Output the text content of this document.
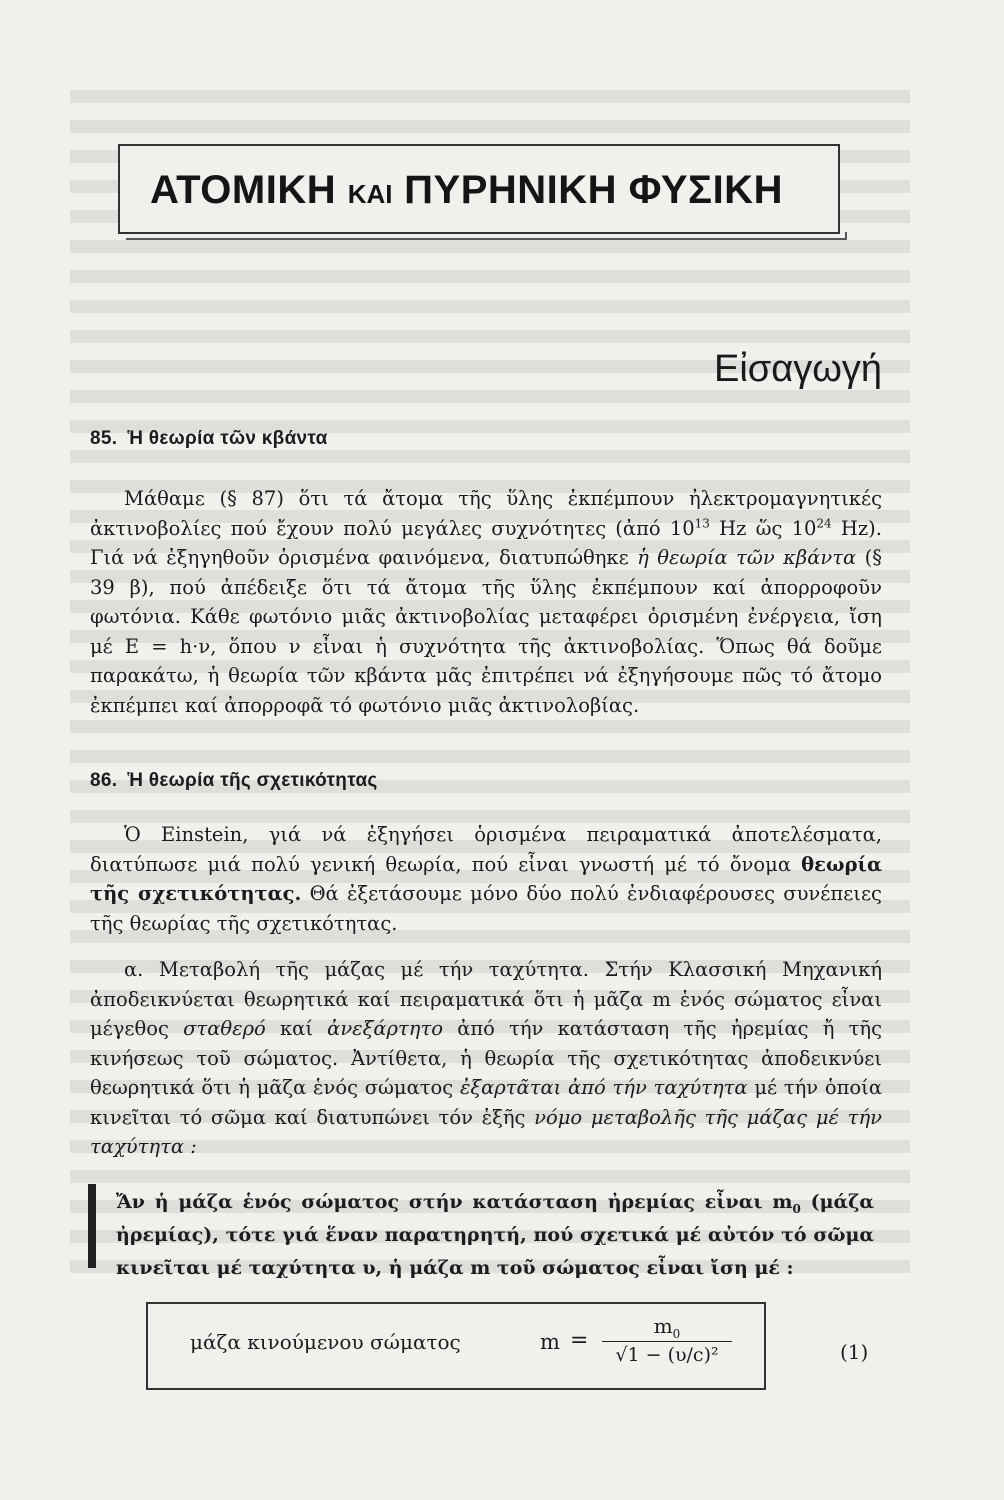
ΑΤΟΜΙΚΗ ΚΑΙ ΠΥΡΗΝΙΚΗ ΦΥΣΙΚΗ
Εἰσαγωγή
85. Ἡ θεωρία τῶν κβάντα
Μάθαμε (§ 87) ὅτι τά ἄτομα τῆς ὕλης ἐκπέμπουν ἠλεκτρομαγνητικές ἀκτινοβολίες πού ἔχουν πολύ μεγάλες συχνότητες (ἀπό $10^{13}$ Hz ὥς $10^{24}$ Hz). Γιά νά ἐξηγηθοῦν ὁρισμένα φαινόμενα, διατυπώθηκε ἡ θεωρία τῶν κβάντα (§ 39 β), πού ἀπέδειξε ὅτι τά ἄτομα τῆς ὕλης ἐκπέμπουν καί ἀπορροφοῦν φωτόνια. Κάθε φωτόνιο μιᾶς ἀκτινοβολίας μεταφέρει ὁρισμένη ἐνέργεια, ἴση μέ E = h·ν, ὅπου ν εἶναι ἡ συχνότητα τῆς ἀκτινοβολίας. Ὅπως θά δοῦμε παρακάτω, ἡ θεωρία τῶν κβάντα μᾶς ἐπιτρέπει νά ἐξηγήσουμε πῶς τό ἄτομο ἐκπέμπει καί ἀπορροφᾶ τό φωτόνιο μιᾶς ἀκτινολοβίας.
86. Ἡ θεωρία τῆς σχετικότητας
Ὁ Einstein, γιά νά ἐξηγήσει ὁρισμένα πειραματικά ἀποτελέσματα, διατύπωσε μιά πολύ γενική θεωρία, πού εἶναι γνωστή μέ τό ὄνομα θεωρία τῆς σχετικότητας. Θά ἐξετάσουμε μόνο δύο πολύ ἐνδιαφέρουσες συνέπειες τῆς θεωρίας τῆς σχετικότητας.
α. Μεταβολή τῆς μάζας μέ τήν ταχύτητα. Στήν Κλασσική Μηχανική ἀποδεικνύεται θεωρητικά καί πειραματικά ὅτι ἡ μᾶζα m ἑνός σώματος εἶναι μέγεθος σταθερό καί ἀνεξάρτητο ἀπό τήν κατάσταση τῆς ἠρεμίας ἤ τῆς κινήσεως τοῦ σώματος. Ἀντίθετα, ἡ θεωρία τῆς σχετικότητας ἀποδεικνύει θεωρητικά ὅτι ἡ μᾶζα ἑνός σώματος ἐξαρτᾶται ἀπό τήν ταχύτητα μέ τήν ὁποία κινεῖται τό σῶμα καί διατυπώνει τόν ἑξῆς νόμο μεταβολῆς τῆς μάζας μέ τήν ταχύτητα :
Ἄν ἡ μάζα ἑνός σώματος στήν κατάσταση ἠρεμίας εἶναι $m_0$ (μάζα ἠρεμίας), τότε γιά ἕναν παρατηρητή, πού σχετικά μέ αὐτόν τό σῶμα κινεῖται μέ ταχύτητα υ, ἡ μάζα m τοῦ σώματος εἶναι ἴση μέ :
μάζα κινούμενου σώματος	m =
$m_0$
√1 − (υ/c)²	(1)
